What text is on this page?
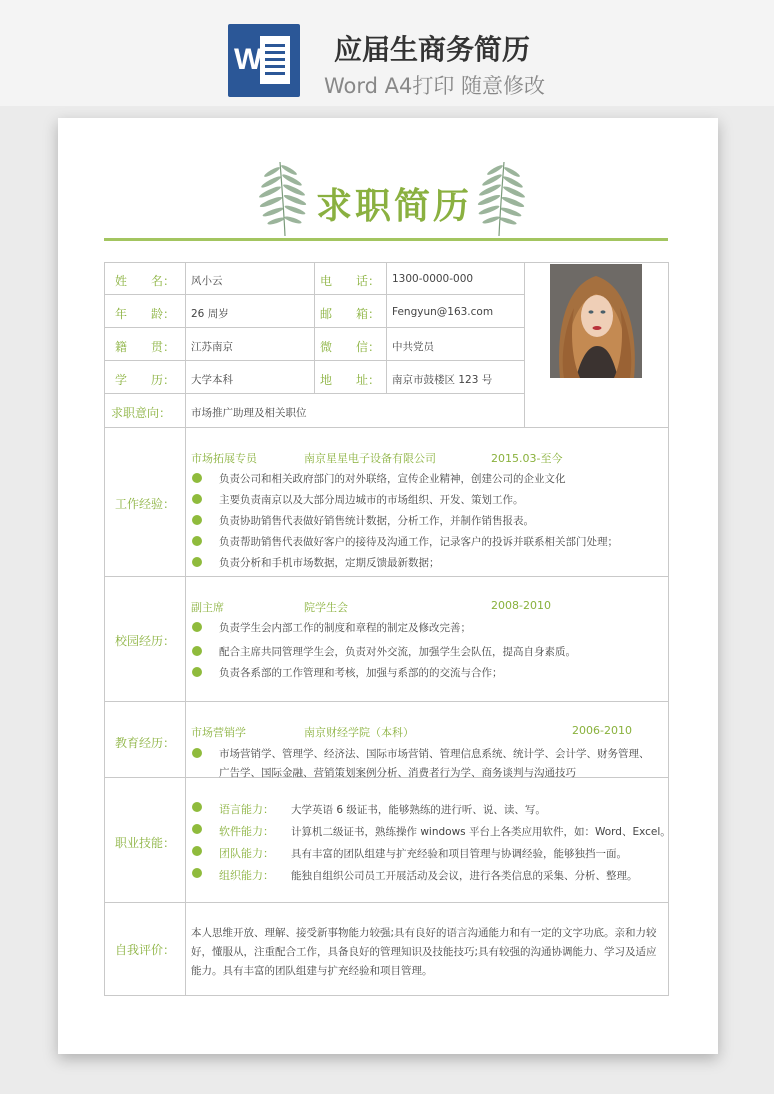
W	应届生商务简历
Word A4打印 随意修改
求职简历
姓　　名： 风小云	电　　话： 1300-0000-000
年　　龄： 26 周岁	邮　　箱： Fengyun@163.com
籍　　贯： 江苏南京	微　　信： 中共党员
学　　历： 大学本科	地　　址： 南京市鼓楼区 123 号
求职意向： 市场推广助理及相关职位
工作经验：
市场拓展专员	南京星星电子设备有限公司	2015.03-至今
负责公司和相关政府部门的对外联络，宣传企业精神，创建公司的企业文化
主要负责南京以及大部分周边城市的市场组织、开发、策划工作。
负责协助销售代表做好销售统计数据，分析工作，并制作销售报表。
负责帮助销售代表做好客户的接待及沟通工作，记录客户的投诉并联系相关部门处理；
负责分析和手机市场数据，定期反馈最新数据；
校园经历：
副主席	院学生会	2008-2010
负责学生会内部工作的制度和章程的制定及修改完善；
配合主席共同管理学生会，负责对外交流，加强学生会队伍，提高自身素质。
负责各系部的工作管理和考核，加强与系部的的交流与合作；
教育经历：
市场营销学	南京财经学院（本科）	2006-2010
市场营销学、管理学、经济法、国际市场营销、管理信息系统、统计学、会计学、财务管理、
广告学、国际金融、营销策划案例分析、消费者行为学、商务谈判与沟通技巧
职业技能：
语言能力： 大学英语 6 级证书，能够熟练的进行听、说、读、写。
软件能力： 计算机二级证书，熟练操作 windows 平台上各类应用软件，如：Word、Excel。
团队能力： 具有丰富的团队组建与扩充经验和项目管理与协调经验，能够独挡一面。
组织能力： 能独自组织公司员工开展活动及会议，进行各类信息的采集、分析、整理。
自我评价：
本人思维开放、理解、接受新事物能力较强;具有良好的语言沟通能力和有一定的文字功底。亲和力较好，懂服从，注重配合工作，具备良好的管理知识及技能技巧;具有较强的沟通协调能力、学习及适应能力。具有丰富的团队组建与扩充经验和项目管理。
